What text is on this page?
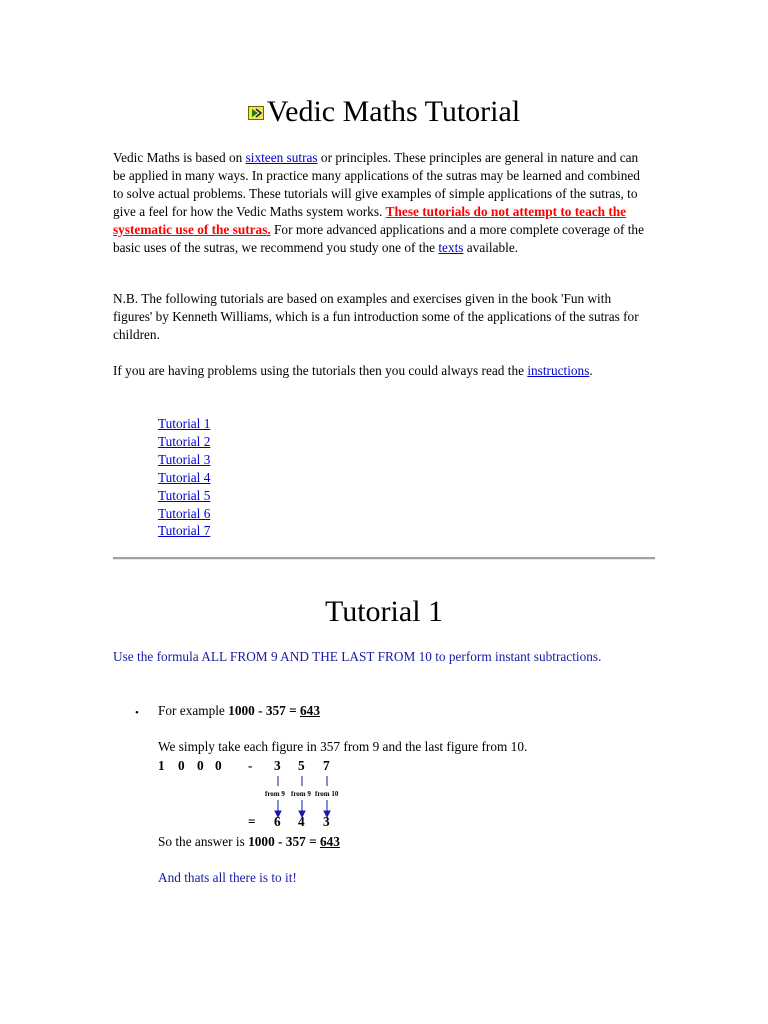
Vedic Maths Tutorial

Vedic Maths is based on sixteen sutras or principles. These principles are general in nature and can be applied in many ways. In practice many applications of the sutras may be learned and combined to solve actual problems. These tutorials will give examples of simple applications of the sutras, to give a feel for how the Vedic Maths system works. These tutorials do not attempt to teach the systematic use of the sutras. For more advanced applications and a more complete coverage of the basic uses of the sutras, we recommend you study one of the texts available.

N.B. The following tutorials are based on examples and exercises given in the book 'Fun with figures' by Kenneth Williams, which is a fun introduction some of the applications of the sutras for children.

If you are having problems using the tutorials then you could always read the instructions.

Tutorial 1
Tutorial 2
Tutorial 3
Tutorial 4
Tutorial 5
Tutorial 6
Tutorial 7
Tutorial 1

Use the formula ALL FROM 9 AND THE LAST FROM 10 to perform instant subtractions.

• For example 1000 - 357 = 643
We simply take each figure in 357 from 9 and the last figure from 10.
1 0 0 0 - 3 5 7
from 9 from 9 from 10
= 6 4 3
So the answer is 1000 - 357 = 643
And thats all there is to it!
